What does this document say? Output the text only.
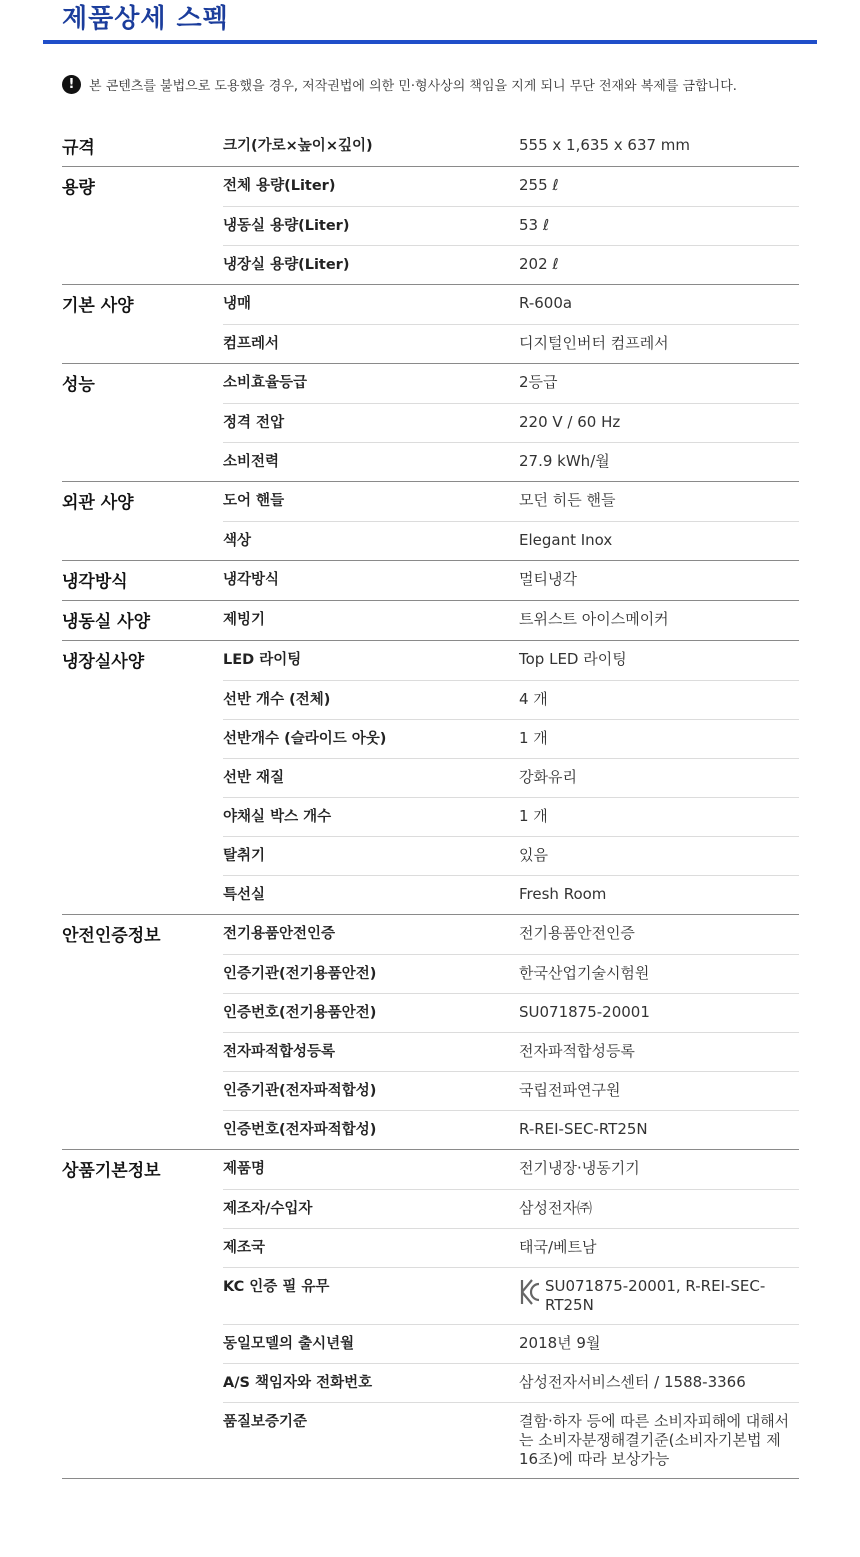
제품상세 스펙
!	본 콘텐츠를 불법으로 도용했을 경우, 저작권법에 의한 민·형사상의 책임을 지게 되니 무단 전재와 복제를 금합니다.
규격	크기(가로×높이×깊이)	555 x 1,635 x 637 mm
용량	전체 용량(Liter)	255 ℓ
냉동실 용량(Liter)	53 ℓ
냉장실 용량(Liter)	202 ℓ
기본 사양	냉매	R-600a
컴프레서	디지털인버터 컴프레서
성능	소비효율등급	2등급
정격 전압	220 V / 60 Hz
소비전력	27.9 kWh/월
외관 사양	도어 핸들	모던 히든 핸들
색상	Elegant Inox
냉각방식	냉각방식	멀티냉각
냉동실 사양	제빙기	트위스트 아이스메이커
냉장실사양	LED 라이팅	Top LED 라이팅
선반 개수 (전체)	4 개
선반개수 (슬라이드 아웃)	1 개
선반 재질	강화유리
야채실 박스 개수	1 개
탈취기	있음
특선실	Fresh Room
안전인증정보	전기용품안전인증	전기용품안전인증
인증기관(전기용품안전)	한국산업기술시험원
인증번호(전기용품안전)	SU071875-20001
전자파적합성등록	전자파적합성등록
인증기관(전자파적합성)	국립전파연구원
인증번호(전자파적합성)	R-REI-SEC-RT25N
상품기본정보	제품명	전기냉장·냉동기기
제조자/수입자	삼성전자㈜
제조국	태국/베트남
KC 인증 필 유무	SU071875-20001, R-REI-SEC-RT25N
동일모델의 출시년월	2018년 9월
A/S 책임자와 전화번호	삼성전자서비스센터 / 1588-3366
품질보증기준	결함·하자 등에 따른 소비자피해에 대해서는 소비자분쟁해결기준(소비자기본법 제16조)에 따라 보상가능
